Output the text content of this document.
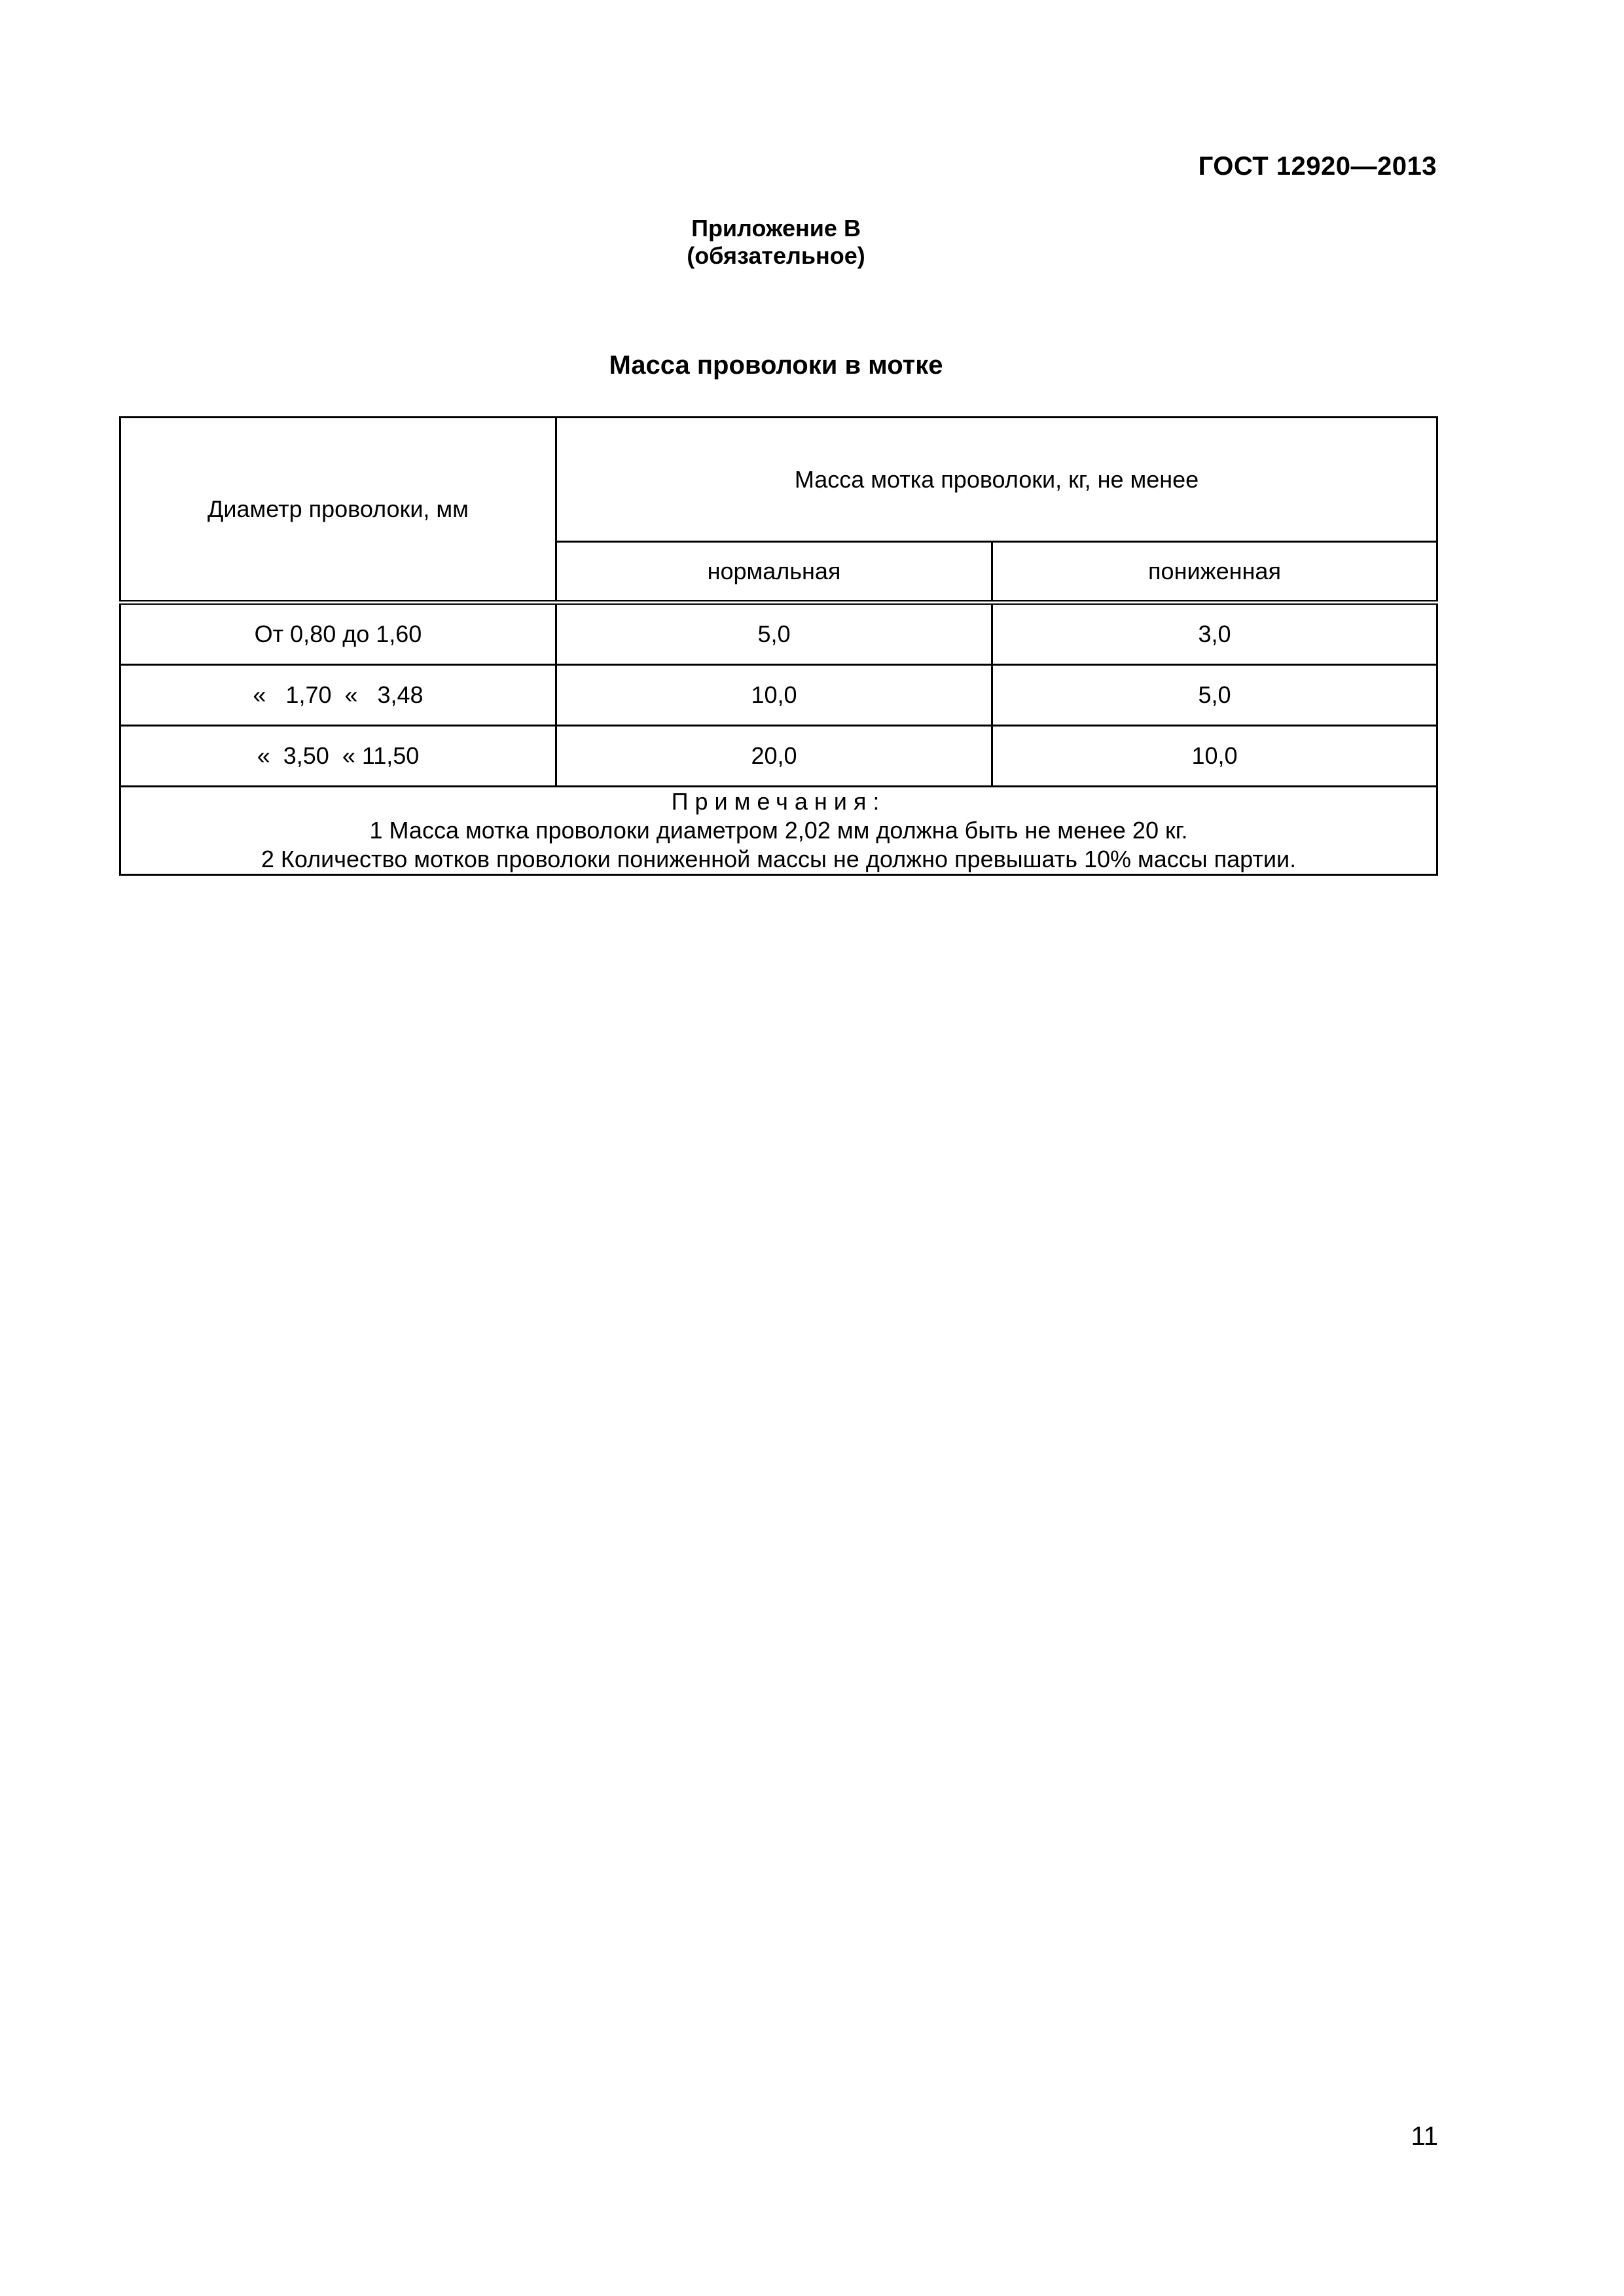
ГОСТ 12920—2013
Приложение В
(обязательное)
Масса проволоки в мотке
Диаметр проволоки, мм	Масса мотка проволоки, кг, не менее	
	нормальная	пониженная
От 0,80 до 1,60	5,0	3,0
«   1,70  «   3,48	10,0	5,0
«  3,50  « 11,50	20,0	10,0

Примечания:
1 Масса мотка проволоки диаметром 2,02 мм должна быть не менее 20 кг.
2 Количество мотков проволоки пониженной массы не должно превышать 10% массы партии.		
11
